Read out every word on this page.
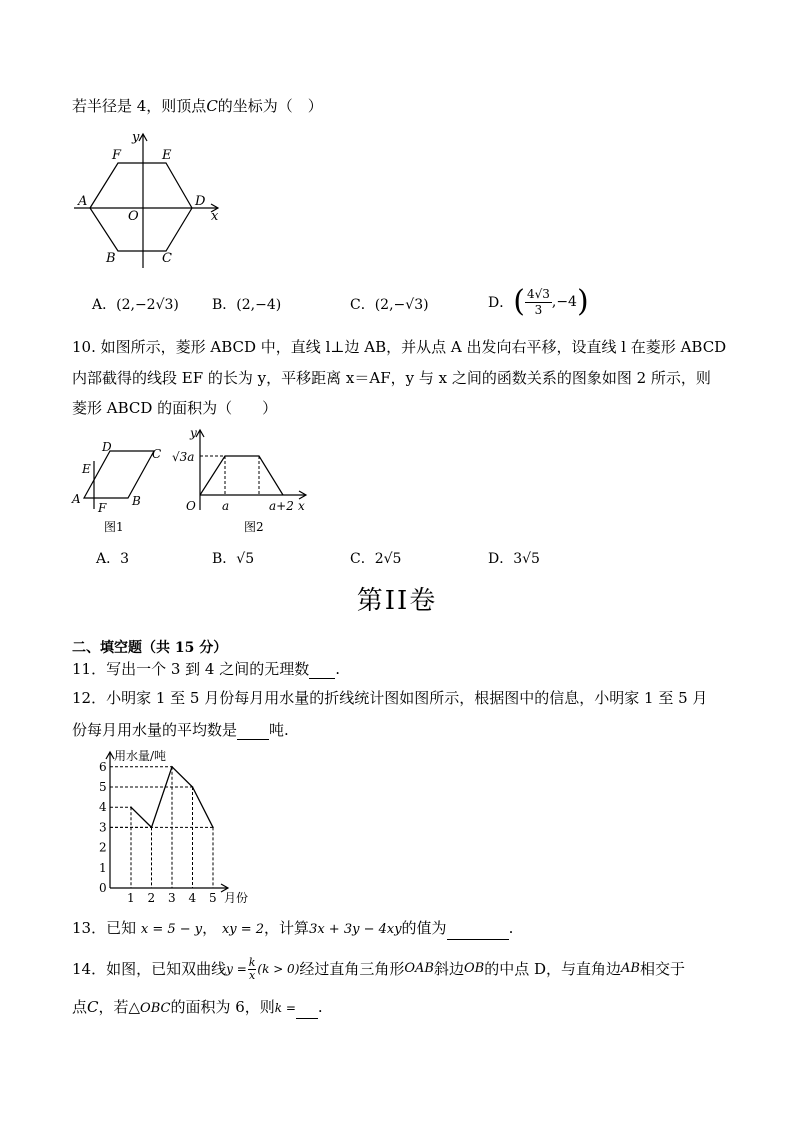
若半径是 4，则顶点C的坐标为（　）
y
F	E
A	D
x
O
B	C
A．(2,−2√3) B．(2,−4)	C．(2,−√3)	D． ( 4√3
3 ,−4 )
10. 如图所示，菱形 ABCD 中，直线 l⊥边 AB，并从点 A 出发向右平移，设直线 l 在菱形 ABCD
内部截得的线段 EF 的长为 y，平移距离 x＝AF，y 与 x 之间的函数关系的图象如图 2 所示，则
菱形 ABCD 的面积为（　　）
D	C
E
A	B
F
图1
y
√3a
O a	a+2 x
图2
A．3	B．√5	C．2√5	D．3√5
第II卷
二、填空题（共 15 分）
11．写出一个 3 到 4 之间的无理数 .
12．小明家 1 至 5 月份每月用水量的折线统计图如图所示，根据图中的信息，小明家 1 至 5 月
份每月用水量的平均数是 吨.
用水量/吨
月份
0
1
2
3
4
5
6
1 2 3 4 5
13．已知 x = 5 − y， xy = 2，计算3x + 3y − 4xy的值为	.
14．如图，已知双曲线 $y = \frac{k}{x} (k > 0)$ 经过直角三角形 OAB 斜边 OB 的中点 D，与直角边 AB 相交于
点C，若△OBC的面积为 6，则k = .
